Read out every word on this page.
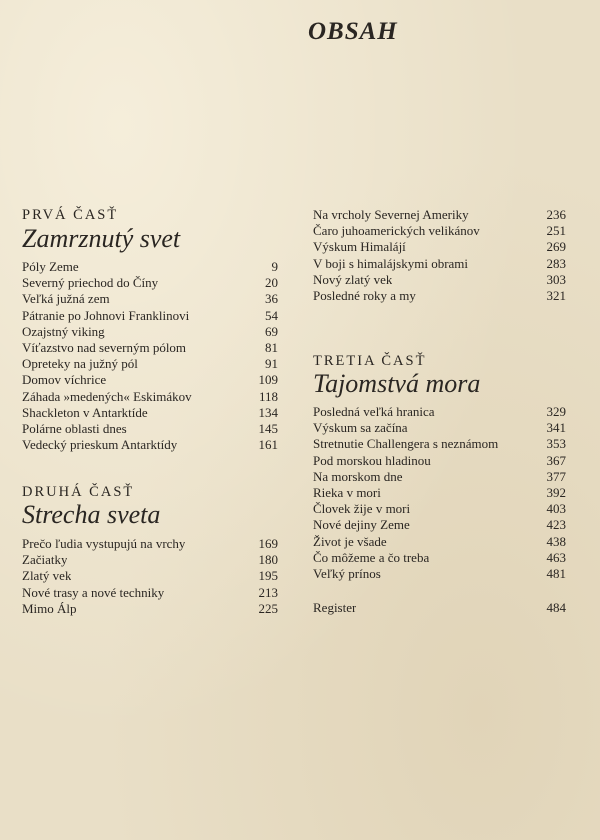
OBSAH
PRVÁ ČASŤ
Zamrznutý svet
Póly Zeme	9
Severný priechod do Číny	20
Veľká južná zem	36
Pátranie po Johnovi Franklinovi	54
Ozajstný viking	69
Víťazstvo nad severným pólom	81
Opreteky na južný pól	91
Domov víchrice	109
Záhada »medených« Eskimákov	118
Shackleton v Antarktíde	134
Polárne oblasti dnes	145
Vedecký prieskum Antarktídy	161
DRUHÁ ČASŤ
Strecha sveta
Prečo ľudia vystupujú na vrchy	169
Začiatky	180
Zlatý vek	195
Nové trasy a nové techniky	213
Mimo Álp	225
Na vrcholy Severnej Ameriky	236
Čaro juhoamerických velikánov	251
Výskum Himalájí	269
V boji s himalájskymi obrami	283
Nový zlatý vek	303
Posledné roky a my	321
TRETIA ČASŤ
Tajomstvá mora
Posledná veľká hranica	329
Výskum sa začína	341
Stretnutie Challengera s neznámom	353
Pod morskou hladinou	367
Na morskom dne	377
Rieka v mori	392
Človek žije v mori	403
Nové dejiny Zeme	423
Život je všade	438
Čo môžeme a čo treba	463
Veľký prínos	481
Register	484
